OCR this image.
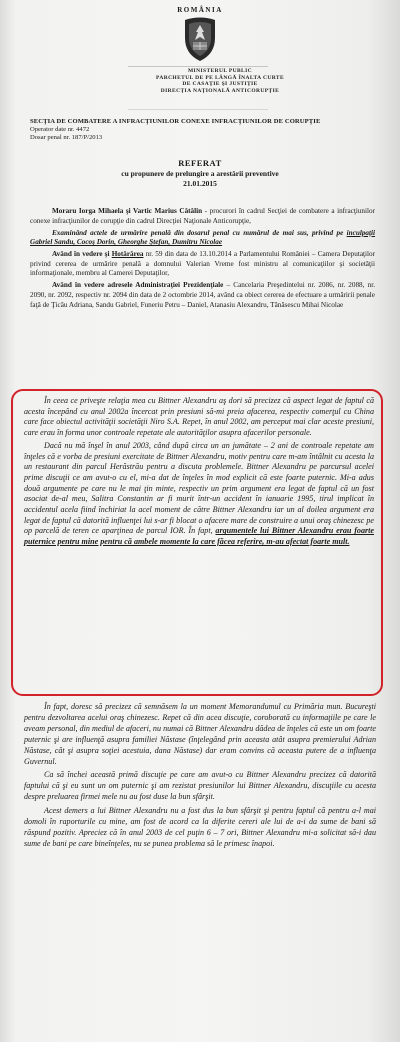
ROMÂNIA
MINISTERUL PUBLIC
PARCHETUL DE PE LÂNGĂ ÎNALTA CURTE
DE CASAŢIE ŞI JUSTIŢIE
DIRECŢIA NAŢIONALĂ ANTICORUPŢIE
SECŢIA DE COMBATERE A INFRACŢIUNILOR CONEXE INFRACŢIUNILOR DE CORUPŢIE
Operator date nr. 4472
Dosar penal nr. 187/P/2013
REFERAT
cu propunere de prelungire a arestării preventive
21.01.2015

Moraru Iorga Mihaela şi Vartic Marius Cătălin - procurori în cadrul Secţiei de combatere a infracţiunilor conexe infracţiunilor de corupţie din cadrul Direcţiei Naţionale Anticorupţie,

Examinând actele de urmărire penală din dosarul penal cu numărul de mai sus, privind pe inculpaţii Gabriel Sandu, Cocoş Dorin, Gheorghe Ştefan, Dumitru Nicolae

Având în vedere şi Hotărârea nr. 59 din data de 13.10.2014 a Parlamentului României – Camera Deputaţilor privind cererea de urmărire penală a domnului Valerian Vreme fost ministru al comunicaţiilor şi societăţii informaţionale, membru al Camerei Deputaţilor,

Având în vedere adresele Administraţiei Prezidenţiale – Cancelaria Preşedintelui nr. 2086, nr. 2088, nr. 2090, nr. 2092, respectiv nr. 2094 din data de 2 octombrie 2014, având ca obiect cererea de efectuare a urmăririi penale faţă de Ţicău Adriana, Sandu Gabriel, Funeriu Petru – Daniel, Atanasiu Alexandru, Tănăsescu Mihai Nicolae

În ceea ce priveşte relaţia mea cu Bittner Alexandru aş dori să precizez că aspect legat de faptul că acesta începând cu anul 2002a încercat prin presiuni să-mi preia afacerea, respectiv comerţul cu China care face obiectul activităţii societăţii Niro S.A. Repet, în anul 2002, am perceput mai clar aceste presiuni, care erau în forma unor controale repetate ale autorităţilor asupra afacerilor personale.

Dacă nu mă înşel în anul 2003, când după circa un an jumătate – 2 ani de controale repetate am înţeles că e vorba de presiuni exercitate de Bittner Alexandru, motiv pentru care m-am întâlnit cu acesta la un restaurant din parcul Herăstrău pentru a discuta problemele. Bittner Alexandru pe parcursul acelei prime discuţii ce am avut-o cu el, mi-a dat de înţeles în mod explicit că este foarte puternic. Mi-a adus două argumente pe care nu le mai ţin minte, respectiv un prim argument era legat de faptul că un fost asociat de-al meu, Salitra Constantin ar fi murit într-un accident în ianuarie 1995, tirul implicat în accidentul acela fiind închiriat la acel moment de către Bittner Alexandru iar un al doilea argument era legat de faptul că datorită influenţei lui s-ar fi blocat o afacere mare de construire a unui oraş chinezesc pe op parcelă de teren ce aparţinea de parcul IOR. În fapt, argumentele lui Bittner Alexandru erau foarte puternice pentru mine pentru că ambele momente la care făcea referire, m-au afectat foarte mult.

În fapt, doresc să precizez că semnăsem la un moment Memorandumul cu Primăria mun. Bucureşti pentru dezvoltarea acelui oraş chinezesc. Repet că din acea discuţie, coroborată cu informaţiile pe care le aveam personal, din mediul de afaceri, nu numai că Bittner Alexandru dădea de înţeles că este un om foarte puternic şi are influenţă asupra familiei Năstase (înţelegând prin aceasta atât asupra premierului Adrian Năstase, cât şi asupra soţiei acestuia, dana Năstase) dar eram convins că aceasta putere de a influenţa Guvernul.

Ca să închei această primă discuţie pe care am avut-o cu Bittner Alexandru precizez că datorită faptului că şi eu sunt un om puternic şi am rezistat presiunilor lui Bittner Alexandru, discuţiile cu acesta despre preluarea firmei mele nu au fost duse la bun sfârşit.

Acest demers a lui Bittner Alexandru nu a fost dus la bun sfârşit şi pentru faptul că pentru a-l mai domoli în raporturile cu mine, am fost de acord ca la diferite cereri ale lui de a-i da sume de bani să răspund pozitiv. Apreciez că în anul 2003 de cel puţin 6 – 7 ori, Bittner Alexandru mi-a solicitat să-i dau sume de bani pe care bineînţeles, nu se punea problema să le primesc înapoi.
